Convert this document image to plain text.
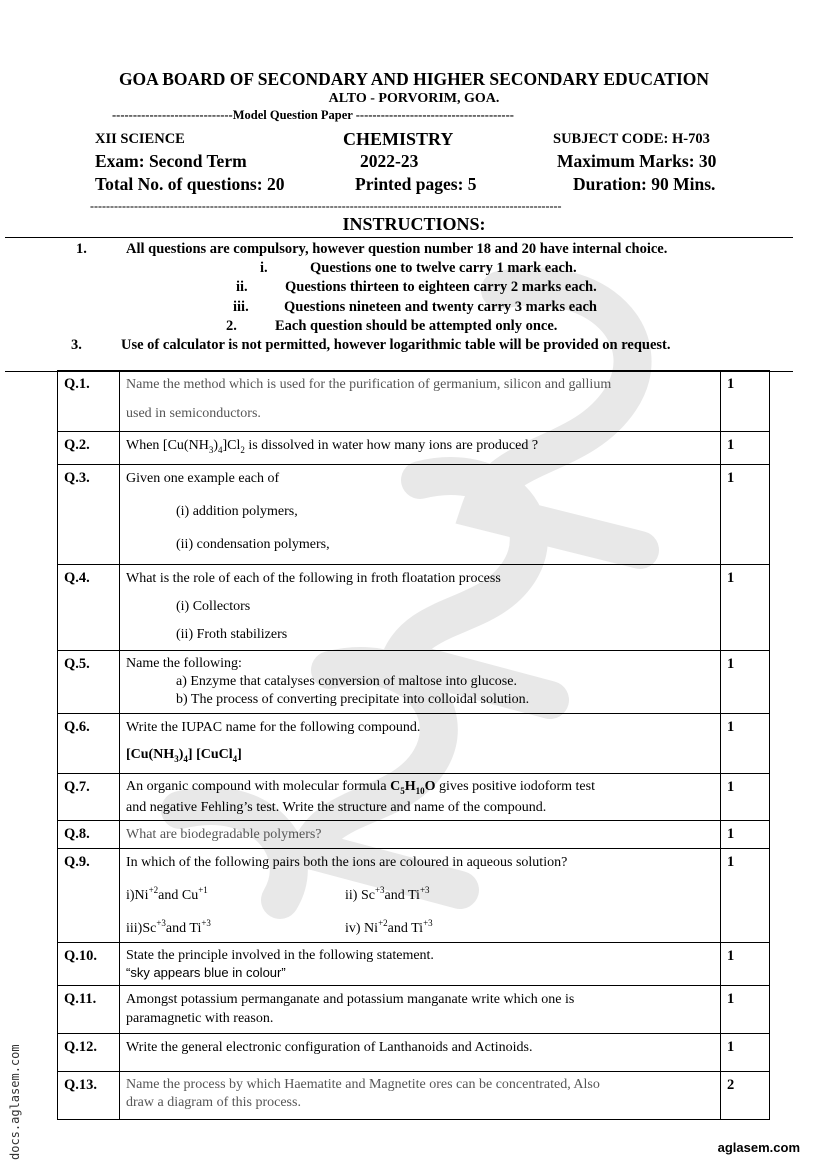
GOA BOARD OF SECONDARY AND HIGHER SECONDARY EDUCATION
ALTO - PORVORIM, GOA.
-----------------------------Model Question Paper --------------------------------------
XII SCIENCE	CHEMISTRY	SUBJECT CODE: H-703
Exam: Second Term	2022-23	Maximum Marks: 30
Total No. of questions: 20	Printed pages: 5	Duration: 90 Mins.
----------------------------------------------------------------------------------------------------------------------
INSTRUCTIONS:
1.	All questions are compulsory, however question number 18 and 20 have internal choice.
i.	Questions one to twelve carry 1 mark each.
ii.	Questions thirteen to eighteen carry 2 marks each.
iii. Questions nineteen and twenty carry 3 marks each
2.	Each question should be attempted only once.
3.	Use of calculator is not permitted, however logarithmic table will be provided on request.
Q.1.	Name the method which is used for the purification of germanium, silicon and gallium
used in semiconductors.	1
Q.2.	When $[Cu(NH_3)_4]Cl_2$ is dissolved in water how many ions are produced ?	1
Q.3.	Given one example each of
(i) addition polymers,
(ii) condensation polymers,	1
Q.4.	What is the role of each of the following in froth floatation process
(i) Collectors
(ii) Froth stabilizers	1
Q.5.	Name the following:
a) Enzyme that catalyses conversion of maltose into glucose.
b) The process of converting precipitate into colloidal solution.	1
Q.6.	Write the IUPAC name for the following compound.
$[Cu(NH_3)_4]$ [CuCl$_4$]	1
Q.7.	An organic compound with molecular formula $C_5H_{10}O$ gives positive iodoform test
and negative Fehling’s test. Write the structure and name of the compound.	1
Q.8.	What are biodegradable polymers?	1
Q.9.	In which of the following pairs both the ions are coloured in aqueous solution?
$i)Ni^{+2}and$ $Cu^{+1}$ ii) $Sc^{+3}and$ $Ti^{+3}$
$iii)Sc^{+3}and$ $Ti^{+3}$ iv) $Ni^{+2}and$ $Ti^{+3}$	1
Q.10.	State the principle involved in the following statement.
“sky appears blue in colour”	1
Q.11.	Amongst potassium permanganate and potassium manganate write which one is
paramagnetic with reason.	1
Q.12.	Write the general electronic configuration of Lanthanoids and Actinoids.	1
Q.13.	Name the process by which Haematite and Magnetite ores can be concentrated, Also
draw a diagram of this process.	2
docs.aglasem.com	aglasem.com
